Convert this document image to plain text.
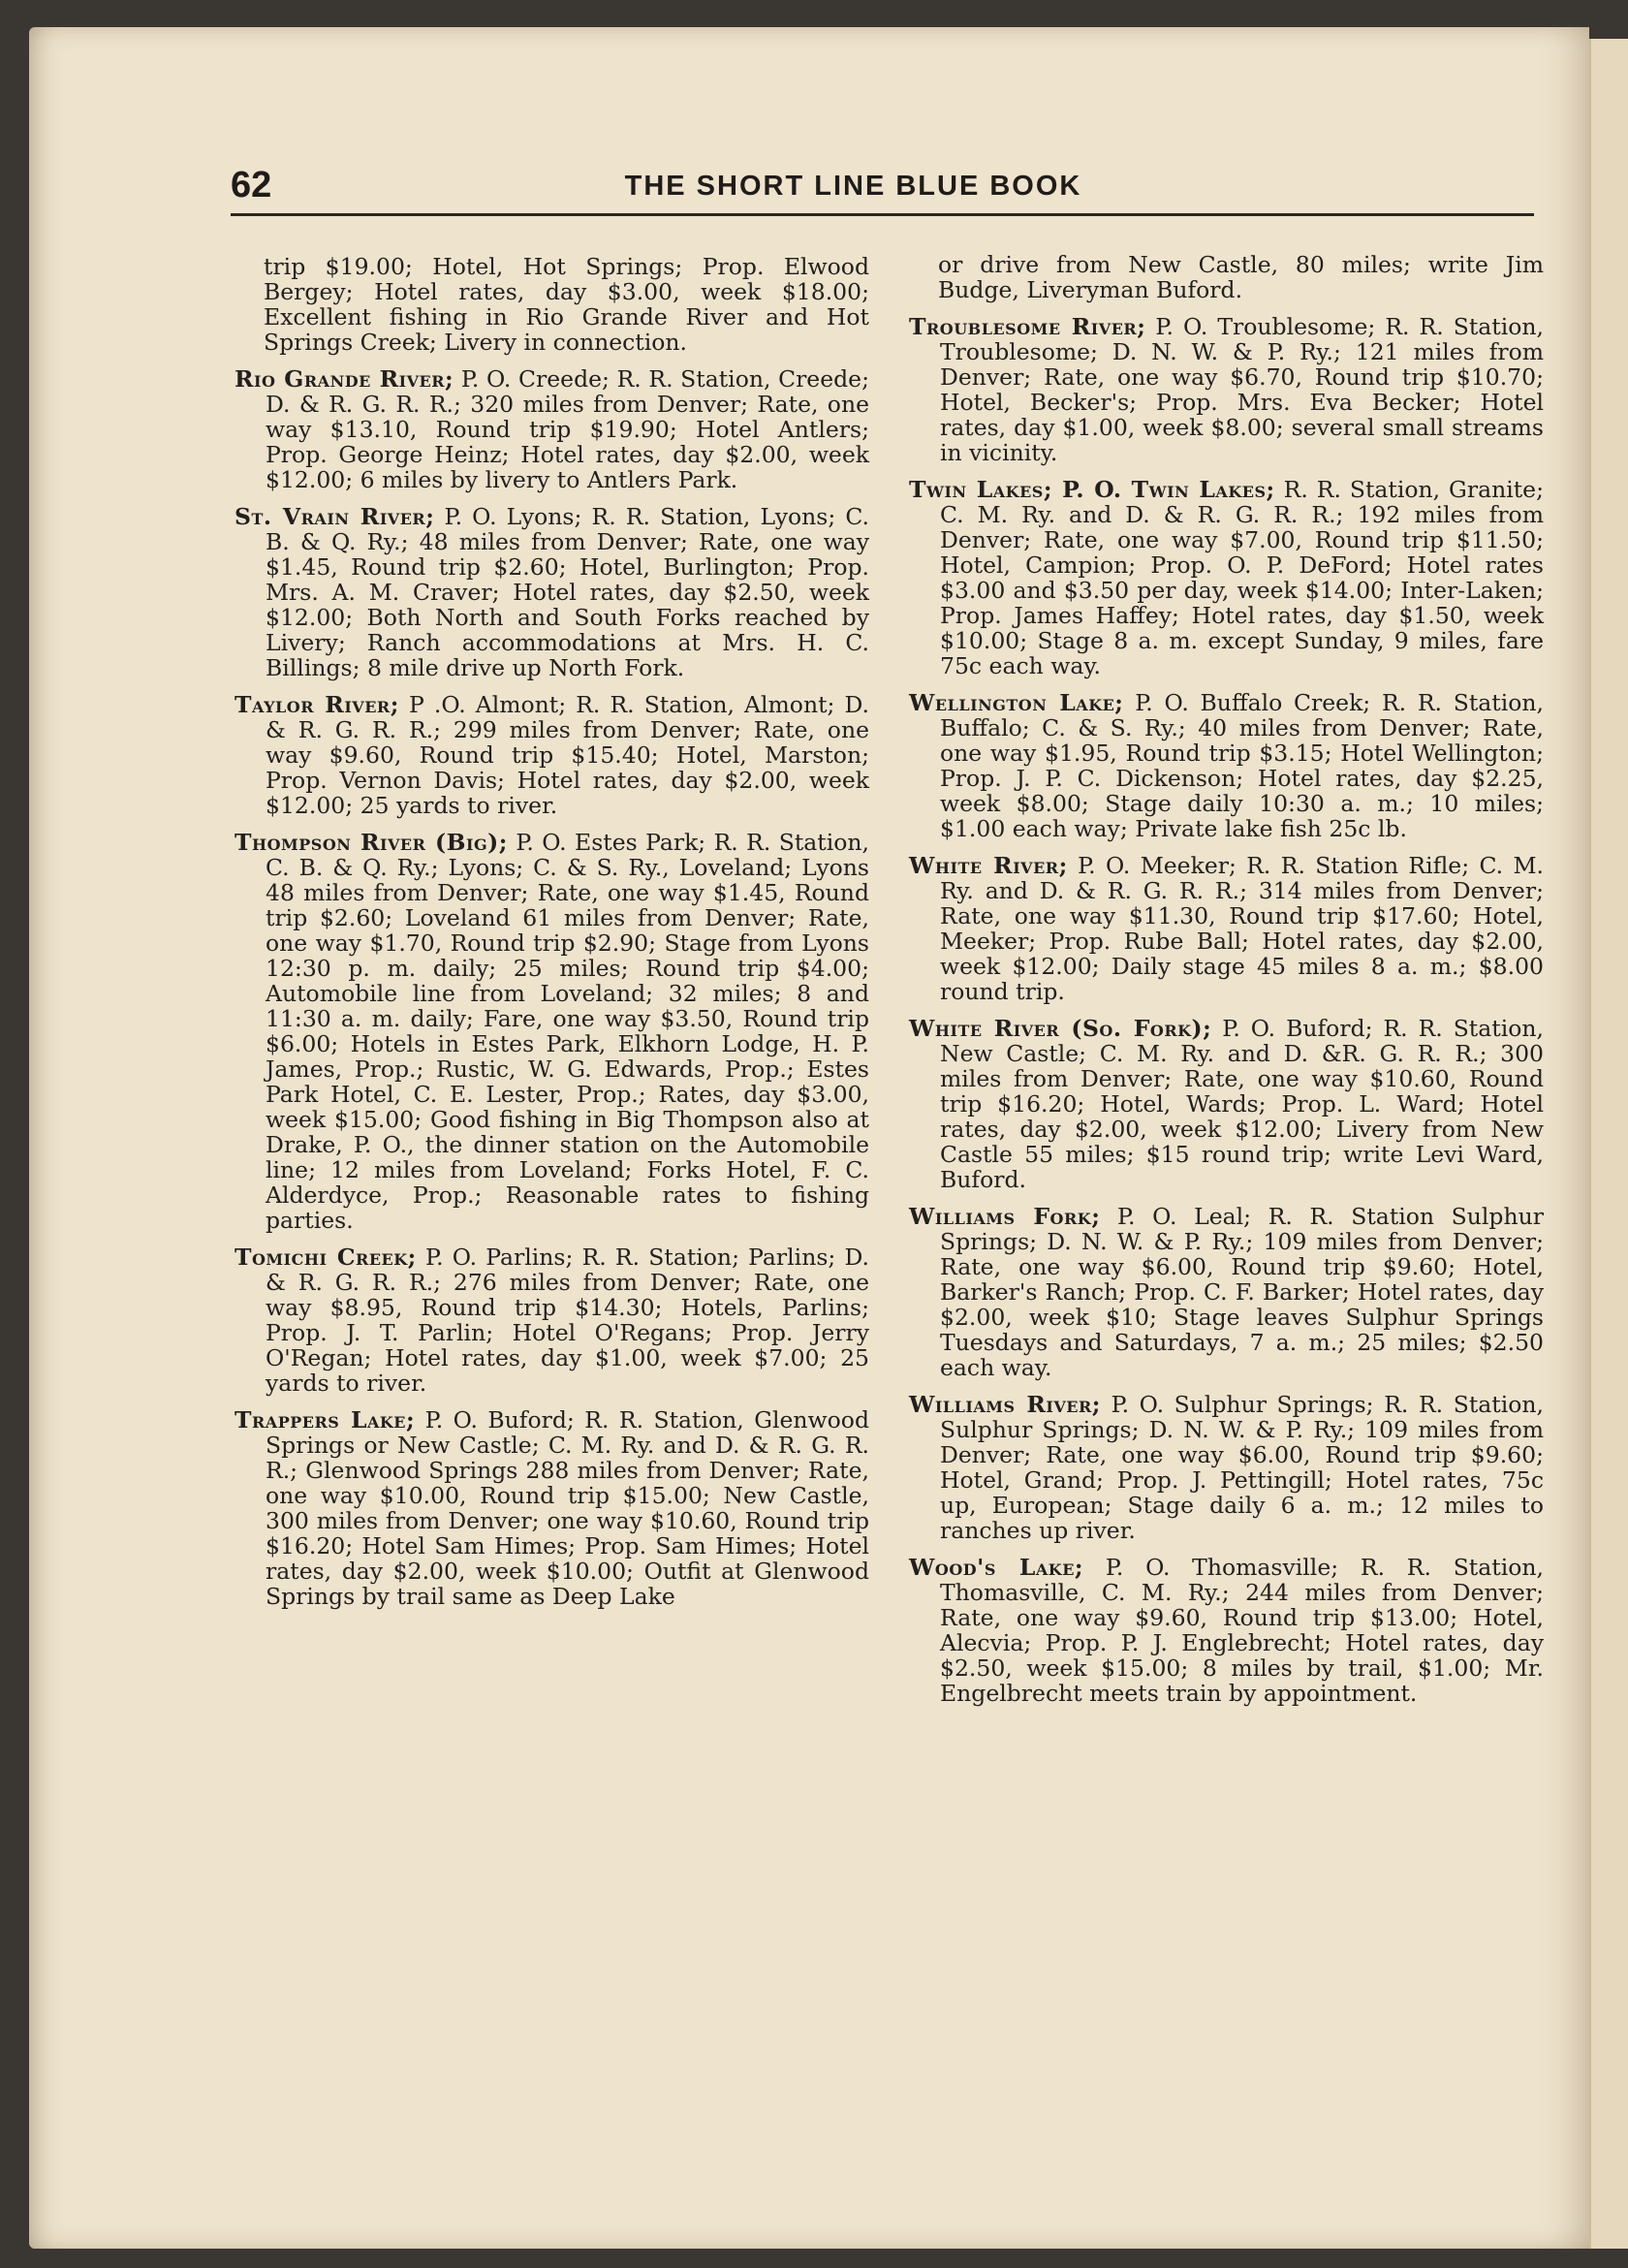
62	THE SHORT LINE BLUE BOOK

trip $19.00; Hotel, Hot Springs; Prop. Elwood Bergey; Hotel rates, day $3.00, week $18.00; Excellent fishing in Rio Grande River and Hot Springs Creek; Livery in connection.

Rio Grande River; P. O. Creede; R. R. Station, Creede; D. & R. G. R. R.; 320 miles from Denver; Rate, one way $13.10, Round trip $19.90; Hotel Antlers; Prop. George Heinz; Hotel rates, day $2.00, week $12.00; 6 miles by livery to Antlers Park.

St. Vrain River; P. O. Lyons; R. R. Station, Lyons; C. B. & Q. Ry.; 48 miles from Denver; Rate, one way $1.45, Round trip $2.60; Hotel, Burlington; Prop. Mrs. A. M. Craver; Hotel rates, day $2.50, week $12.00; Both North and South Forks reached by Livery; Ranch accommodations at Mrs. H. C. Billings; 8 mile drive up North Fork.

Taylor River; P .O. Almont; R. R. Station, Almont; D. & R. G. R. R.; 299 miles from Denver; Rate, one way $9.60, Round trip $15.40; Hotel, Marston; Prop. Vernon Davis; Hotel rates, day $2.00, week $12.00; 25 yards to river.

Thompson River (Big); P. O. Estes Park; R. R. Station, C. B. & Q. Ry.; Lyons; C. & S. Ry., Loveland; Lyons 48 miles from Denver; Rate, one way $1.45, Round trip $2.60; Loveland 61 miles from Denver; Rate, one way $1.70, Round trip $2.90; Stage from Lyons 12:30 p. m. daily; 25 miles; Round trip $4.00; Automobile line from Loveland; 32 miles; 8 and 11:30 a. m. daily; Fare, one way $3.50, Round trip $6.00; Hotels in Estes Park, Elkhorn Lodge, H. P. James, Prop.; Rustic, W. G. Edwards, Prop.; Estes Park Hotel, C. E. Lester, Prop.; Rates, day $3.00, week $15.00; Good fishing in Big Thompson also at Drake, P. O., the dinner station on the Automobile line; 12 miles from Loveland; Forks Hotel, F. C. Alderdyce, Prop.; Reasonable rates to fishing parties.

Tomichi Creek; P. O. Parlins; R. R. Station; Parlins; D. & R. G. R. R.; 276 miles from Denver; Rate, one way $8.95, Round trip $14.30; Hotels, Parlins; Prop. J. T. Parlin; Hotel O'Regans; Prop. Jerry O'Regan; Hotel rates, day $1.00, week $7.00; 25 yards to river.

Trappers Lake; P. O. Buford; R. R. Station, Glenwood Springs or New Castle; C. M. Ry. and D. & R. G. R. R.; Glenwood Springs 288 miles from Denver; Rate, one way $10.00, Round trip $15.00; New Castle, 300 miles from Denver; one way $10.60, Round trip $16.20; Hotel Sam Himes; Prop. Sam Himes; Hotel rates, day $2.00, week $10.00; Outfit at Glenwood Springs by trail same as Deep Lake

or drive from New Castle, 80 miles; write Jim Budge, Liveryman Buford.

Troublesome River; P. O. Troublesome; R. R. Station, Troublesome; D. N. W. & P. Ry.; 121 miles from Denver; Rate, one way $6.70, Round trip $10.70; Hotel, Becker's; Prop. Mrs. Eva Becker; Hotel rates, day $1.00, week $8.00; several small streams in vicinity.

Twin Lakes; P. O. Twin Lakes; R. R. Station, Granite; C. M. Ry. and D. & R. G. R. R.; 192 miles from Denver; Rate, one way $7.00, Round trip $11.50; Hotel, Campion; Prop. O. P. DeFord; Hotel rates $3.00 and $3.50 per day, week $14.00; Inter-Laken; Prop. James Haffey; Hotel rates, day $1.50, week $10.00; Stage 8 a. m. except Sunday, 9 miles, fare 75c each way.

Wellington Lake; P. O. Buffalo Creek; R. R. Station, Buffalo; C. & S. Ry.; 40 miles from Denver; Rate, one way $1.95, Round trip $3.15; Hotel Wellington; Prop. J. P. C. Dickenson; Hotel rates, day $2.25, week $8.00; Stage daily 10:30 a. m.; 10 miles; $1.00 each way; Private lake fish 25c lb.

White River; P. O. Meeker; R. R. Station Rifle; C. M. Ry. and D. & R. G. R. R.; 314 miles from Denver; Rate, one way $11.30, Round trip $17.60; Hotel, Meeker; Prop. Rube Ball; Hotel rates, day $2.00, week $12.00; Daily stage 45 miles 8 a. m.; $8.00 round trip.

White River (So. Fork); P. O. Buford; R. R. Station, New Castle; C. M. Ry. and D. &R. G. R. R.; 300 miles from Denver; Rate, one way $10.60, Round trip $16.20; Hotel, Wards; Prop. L. Ward; Hotel rates, day $2.00, week $12.00; Livery from New Castle 55 miles; $15 round trip; write Levi Ward, Buford.

Williams Fork; P. O. Leal; R. R. Station Sulphur Springs; D. N. W. & P. Ry.; 109 miles from Denver; Rate, one way $6.00, Round trip $9.60; Hotel, Barker's Ranch; Prop. C. F. Barker; Hotel rates, day $2.00, week $10; Stage leaves Sulphur Springs Tuesdays and Saturdays, 7 a. m.; 25 miles; $2.50 each way.

Williams River; P. O. Sulphur Springs; R. R. Station, Sulphur Springs; D. N. W. & P. Ry.; 109 miles from Denver; Rate, one way $6.00, Round trip $9.60; Hotel, Grand; Prop. J. Pettingill; Hotel rates, 75c up, European; Stage daily 6 a. m.; 12 miles to ranches up river.

Wood's Lake; P. O. Thomasville; R. R. Station, Thomasville, C. M. Ry.; 244 miles from Denver; Rate, one way $9.60, Round trip $13.00; Hotel, Alecvia; Prop. P. J. Englebrecht; Hotel rates, day $2.50, week $15.00; 8 miles by trail, $1.00; Mr. Engelbrecht meets train by appointment.
